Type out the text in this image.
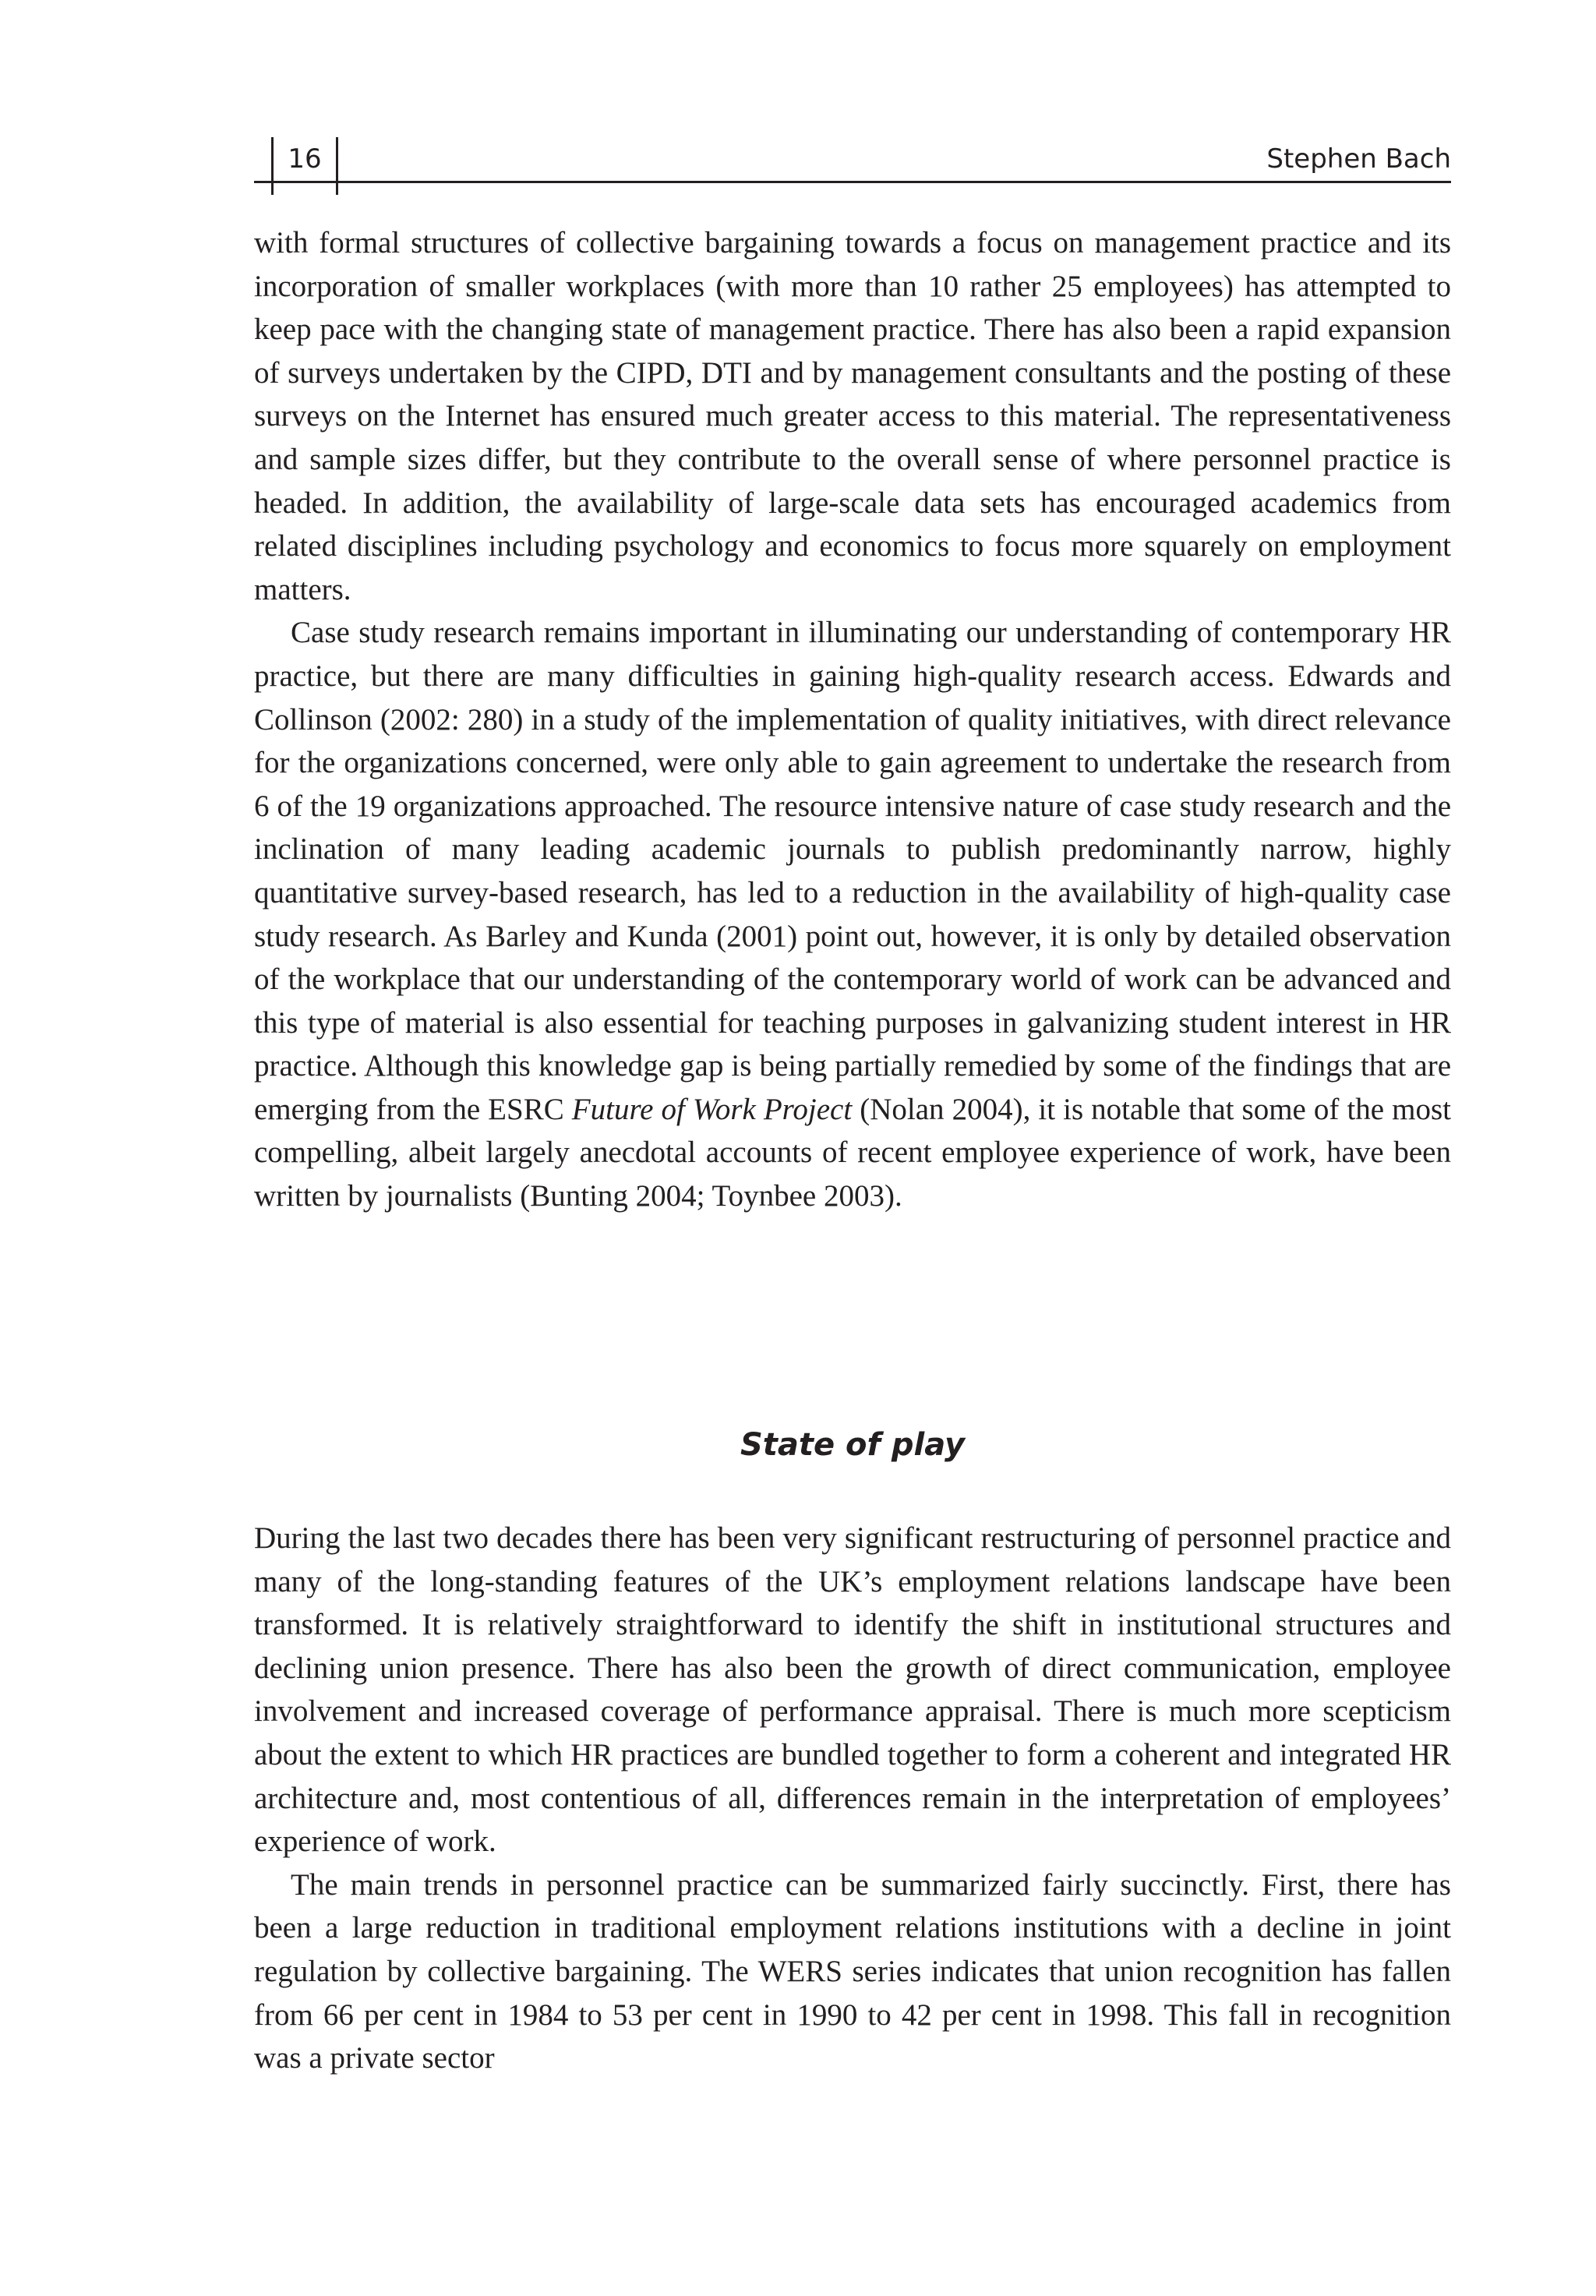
16	Stephen Bach

with formal structures of collective bargaining towards a focus on management practice and its incorporation of smaller workplaces (with more than 10 rather 25 employees) has attempted to keep pace with the changing state of management practice. There has also been a rapid expansion of surveys undertaken by the CIPD, DTI and by management consultants and the posting of these surveys on the Internet has ensured much greater access to this material. The representativeness and sample sizes differ, but they contribute to the overall sense of where personnel practice is headed. In addition, the availability of large-scale data sets has encouraged academics from related disciplines including psychology and economics to focus more squarely on employment matters.

Case study research remains important in illuminating our understanding of contemporary HR practice, but there are many difficulties in gaining high-quality research access. Edwards and Collinson (2002: 280) in a study of the implementation of quality initiatives, with direct relevance for the organizations concerned, were only able to gain agreement to undertake the research from 6 of the 19 organizations approached. The resource intensive nature of case study research and the inclination of many leading academic journals to publish predominantly narrow, highly quantitative survey-based research, has led to a reduction in the availability of high-quality case study research. As Barley and Kunda (2001) point out, however, it is only by detailed observation of the workplace that our understanding of the contemporary world of work can be advanced and this type of material is also essential for teaching purposes in galvanizing student interest in HR practice. Although this knowledge gap is being partially remedied by some of the findings that are emerging from the ESRC Future of Work Project (Nolan 2004), it is notable that some of the most compelling, albeit largely anecdotal accounts of recent employee experience of work, have been written by journalists (Bunting 2004; Toynbee 2003).

State of play

During the last two decades there has been very significant restructuring of personnel practice and many of the long-standing features of the UK’s employment relations landscape have been transformed. It is relatively straightforward to identify the shift in institutional structures and declining union presence. There has also been the growth of direct communication, employee involvement and increased coverage of performance appraisal. There is much more scepticism about the extent to which HR practices are bundled together to form a coherent and integrated HR architecture and, most contentious of all, differences remain in the interpretation of employees’ experience of work.

The main trends in personnel practice can be summarized fairly succinctly. First, there has been a large reduction in traditional employment relations institutions with a decline in joint regulation by collective bargaining. The WERS series indicates that union recognition has fallen from 66 per cent in 1984 to 53 per cent in 1990 to 42 per cent in 1998. This fall in recognition was a private sector
